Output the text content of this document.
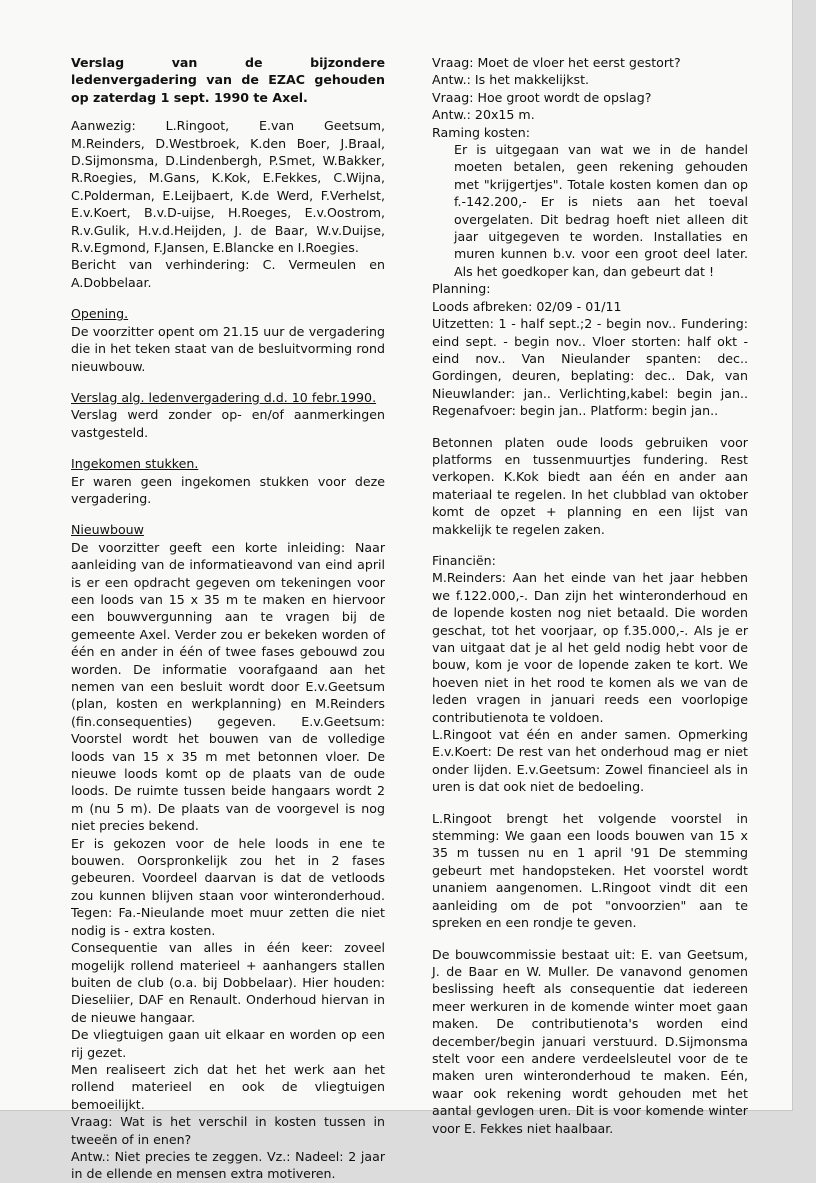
Verslag van de bijzondere ledenvergadering van de EZAC gehouden op zaterdag 1 sept. 1990 te Axel.

Aanwezig: L.Ringoot, E.van Geetsum, M.Reinders, D.Westbroek, K.den Boer, J.Braal, D.Sijmonsma, D.Lindenbergh, P.Smet, W.Bakker, R.Roegies, M.Gans, K.Kok, E.Fekkes, C.Wijna, C.Polderman, E.Leijbaert, K.de Werd, F.Verhelst, E.v.Koert, B.v.D-uijse, H.Roeges, E.v.Oostrom, R.v.Gulik, H.v.d.Heijden, J. de Baar, W.v.Duijse, R.v.Egmond, F.Jansen, E.Blancke en I.Roegies.

Bericht van verhindering: C. Vermeulen en A.Dobbelaar.

Opening.

De voorzitter opent om 21.15 uur de vergadering die in het teken staat van de besluitvorming rond nieuwbouw.

Verslag alg. ledenvergadering d.d. 10 febr.1990.

Verslag werd zonder op- en/of aanmerkingen vastgesteld.

Ingekomen stukken.

Er waren geen ingekomen stukken voor deze vergadering.

Nieuwbouw

De voorzitter geeft een korte inleiding: Naar aanleiding van de informatieavond van eind april is er een opdracht gegeven om tekeningen voor een loods van 15 x 35 m te maken en hiervoor een bouwvergunning aan te vragen bij de gemeente Axel. Verder zou er bekeken worden of één en ander in één of twee fases gebouwd zou worden. De informatie voorafgaand aan het nemen van een besluit wordt door E.v.Geetsum (plan, kosten en werkplanning) en M.Reinders (fin.consequenties) gegeven. E.v.Geetsum: Voorstel wordt het bouwen van de volledige loods van 15 x 35 m met betonnen vloer. De nieuwe loods komt op de plaats van de oude loods. De ruimte tussen beide hangaars wordt 2 m (nu 5 m). De plaats van de voorgevel is nog niet precies bekend.

Er is gekozen voor de hele loods in ene te bouwen. Oorspronkelijk zou het in 2 fases gebeuren. Voordeel daarvan is dat de vetloods zou kunnen blijven staan voor winteronderhoud. Tegen: Fa.-Nieulande moet muur zetten die niet nodig is - extra kosten.

Consequentie van alles in één keer: zoveel mogelijk rollend materieel + aanhangers stallen buiten de club (o.a. bij Dobbelaar). Hier houden: Dieseliier, DAF en Renault. Onderhoud hiervan in de nieuwe hangaar.

De vliegtuigen gaan uit elkaar en worden op een rij gezet.

Men realiseert zich dat het het werk aan het rollend materieel en ook de vliegtuigen bemoeilijkt.

Vraag: Wat is het verschil in kosten tussen in tweeën of in enen?

Antw.: Niet precies te zeggen. Vz.: Nadeel: 2 jaar in de ellende en mensen extra motiveren.

Vraag: Moet de vloer het eerst gestort?

Antw.: Is het makkelijkst.

Vraag: Hoe groot wordt de opslag?

Antw.: 20x15 m.

Raming kosten:

Er is uitgegaan van wat we in de handel moeten betalen, geen rekening gehouden met "krijgertjes". Totale kosten komen dan op f.-142.200,- Er is niets aan het toeval overgelaten. Dit bedrag hoeft niet alleen dit jaar uitgegeven te worden. Installaties en muren kunnen b.v. voor een groot deel later. Als het goedkoper kan, dan gebeurt dat !

Planning:

Loods afbreken: 02/09 - 01/11

Uitzetten: 1 - half sept.;2 - begin nov.. Fundering: eind sept. - begin nov.. Vloer storten: half okt - eind nov.. Van Nieulander spanten: dec.. Gordingen, deuren, beplating: dec.. Dak, van Nieuwlander: jan.. Verlichting,kabel: begin jan.. Regenafvoer: begin jan.. Platform: begin jan..

Betonnen platen oude loods gebruiken voor platforms en tussenmuurtjes fundering. Rest verkopen. K.Kok biedt aan één en ander aan materiaal te regelen. In het clubblad van oktober komt de opzet + planning en een lijst van makkelijk te regelen zaken.

Financiën:

M.Reinders: Aan het einde van het jaar hebben we f.122.000,-. Dan zijn het winteronderhoud en de lopende kosten nog niet betaald. Die worden geschat, tot het voorjaar, op f.35.000,-. Als je er van uitgaat dat je al het geld nodig hebt voor de bouw, kom je voor de lopende zaken te kort. We hoeven niet in het rood te komen als we van de leden vragen in januari reeds een voorlopige contributienota te voldoen.

L.Ringoot vat één en ander samen. Opmerking E.v.Koert: De rest van het onderhoud mag er niet onder lijden. E.v.Geetsum: Zowel financieel als in uren is dat ook niet de bedoeling.

L.Ringoot brengt het volgende voorstel in stemming: We gaan een loods bouwen van 15 x 35 m tussen nu en 1 april '91 De stemming gebeurt met handopsteken. Het voorstel wordt unaniem aangenomen. L.Ringoot vindt dit een aanleiding om de pot "onvoorzien" aan te spreken en een rondje te geven.

De bouwcommissie bestaat uit: E. van Geetsum, J. de Baar en W. Muller. De vanavond genomen beslissing heeft als consequentie dat iedereen meer werkuren in de komende winter moet gaan maken. De contributienota's worden eind december/begin januari verstuurd. D.Sijmonsma stelt voor een andere verdeelsleutel voor de te maken uren winteronderhoud te maken. Eén, waar ook rekening wordt gehouden met het aantal gevlogen uren. Dit is voor komende winter voor E. Fekkes niet haalbaar.
